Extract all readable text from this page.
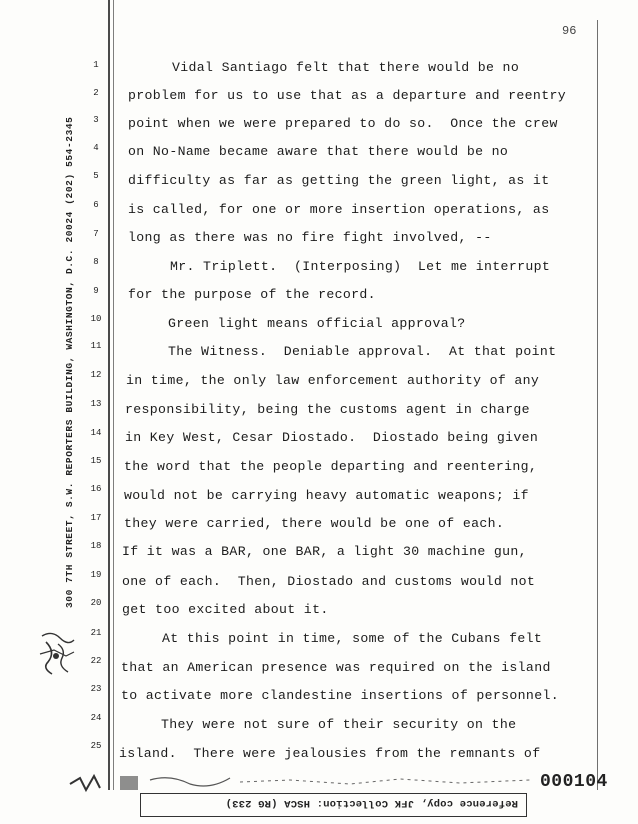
96
1
2
3
4
5
6
7
8
9
10
11
12
13
14
15
16
17
18
19
20
21
22
23
24
25
Vidal Santiago felt that there would be no
problem for us to use that as a departure and reentry
point when we were prepared to do so.  Once the crew
on No-Name became aware that there would be no
difficulty as far as getting the green light, as it
is called, for one or more insertion operations, as
long as there was no fire fight involved, --
Mr. Triplett.  (Interposing)  Let me interrupt
for the purpose of the record.
Green light means official approval?
The Witness.  Deniable approval.  At that point
in time, the only law enforcement authority of any
responsibility, being the customs agent in charge
in Key West, Cesar Diostado.  Diostado being given
the word that the people departing and reentering,
would not be carrying heavy automatic weapons; if
they were carried, there would be one of each.
If it was a BAR, one BAR, a light 30 machine gun,
one of each.  Then, Diostado and customs would not
get too excited about it.
At this point in time, some of the Cubans felt
that an American presence was required on the island
to activate more clandestine insertions of personnel.
They were not sure of their security on the
island.  There were jealousies from the remnants of
300 7TH STREET, S.W. REPORTERS BUILDING, WASHINGTON, D.C. 20024 (202) 554-2345
000104
Reference copy, JFK Collection: HSCA (RG 233)
